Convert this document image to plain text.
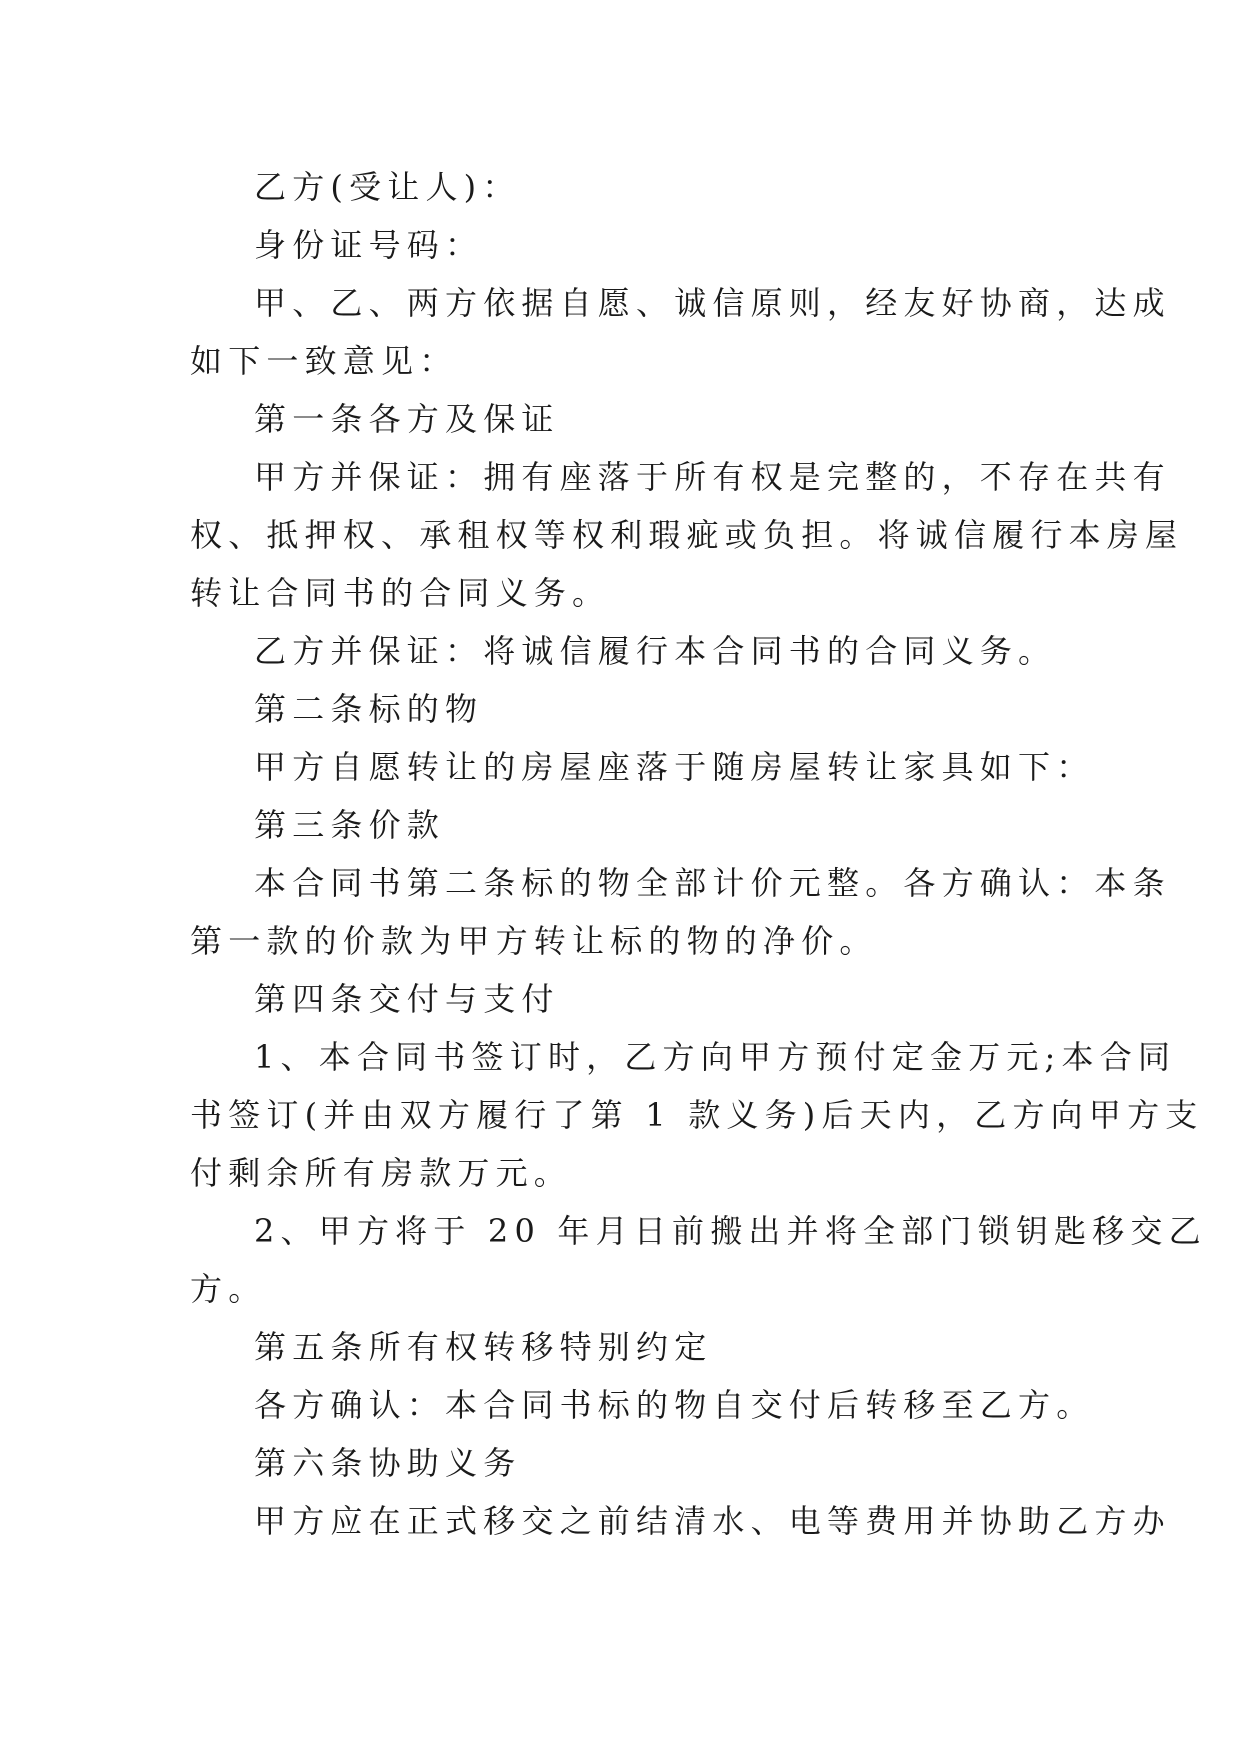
乙方(受让人)：
身份证号码：
甲、乙、两方依据自愿、诚信原则，经友好协商，达成
如下一致意见：
第一条各方及保证
甲方并保证：拥有座落于所有权是完整的，不存在共有
权、抵押权、承租权等权利瑕疵或负担。将诚信履行本房屋
转让合同书的合同义务。
乙方并保证：将诚信履行本合同书的合同义务。
第二条标的物
甲方自愿转让的房屋座落于随房屋转让家具如下：
第三条价款
本合同书第二条标的物全部计价元整。各方确认：本条
第一款的价款为甲方转让标的物的净价。
第四条交付与支付
1、本合同书签订时，乙方向甲方预付定金万元;本合同
书签订(并由双方履行了第 1 款义务)后天内，乙方向甲方支
付剩余所有房款万元。
2、甲方将于 20 年月日前搬出并将全部门锁钥匙移交乙
方。
第五条所有权转移特别约定
各方确认：本合同书标的物自交付后转移至乙方。
第六条协助义务
甲方应在正式移交之前结清水、电等费用并协助乙方办
